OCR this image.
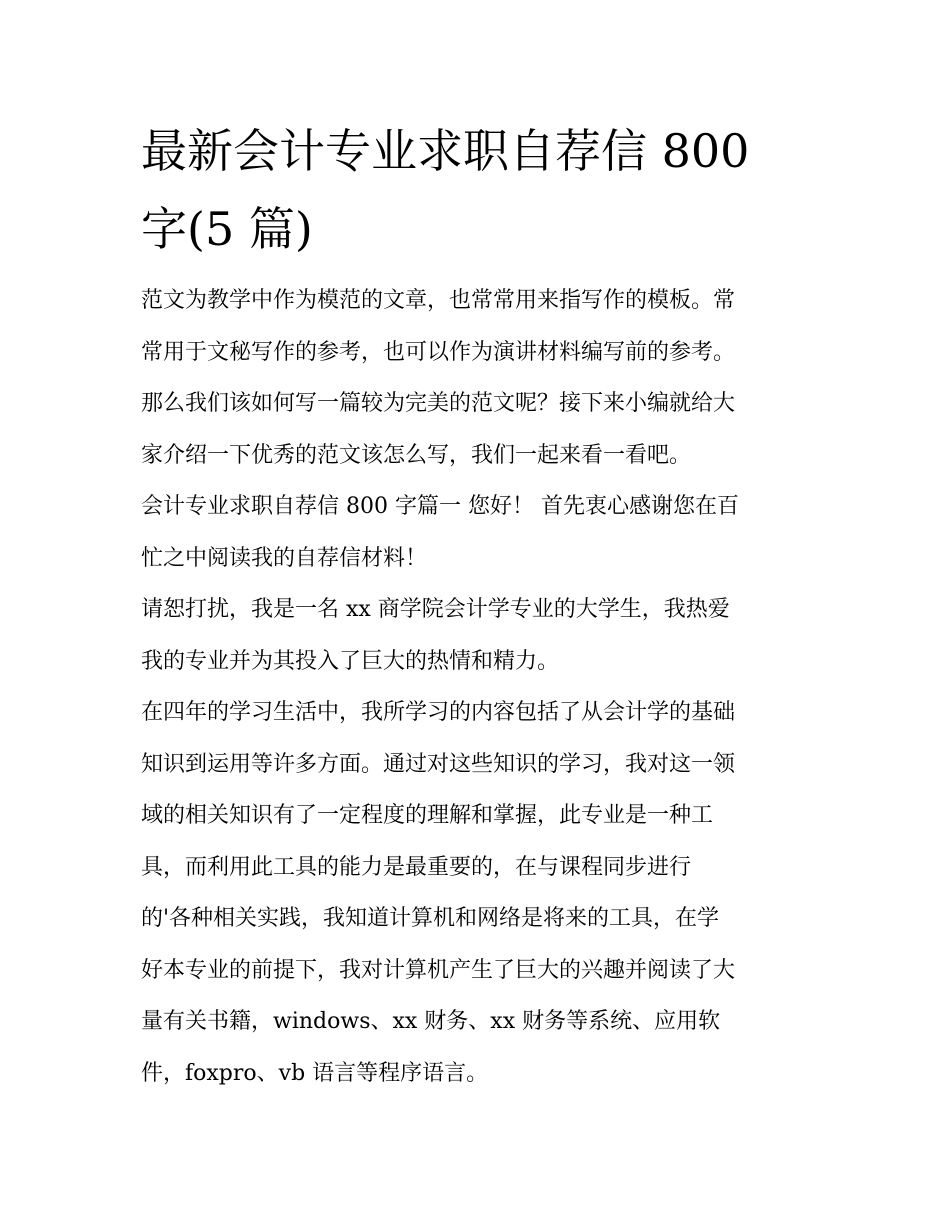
最新会计专业求职自荐信 800
字(5 篇)

范文为教学中作为模范的文章，也常常用来指写作的模板。常
常用于文秘写作的参考，也可以作为演讲材料编写前的参考。
那么我们该如何写一篇较为完美的范文呢？接下来小编就给大
家介绍一下优秀的范文该怎么写，我们一起来看一看吧。

会计专业求职自荐信 800 字篇一 您好！ 首先衷心感谢您在百
忙之中阅读我的自荐信材料！

请恕打扰，我是一名 xx 商学院会计学专业的大学生，我热爱
我的专业并为其投入了巨大的热情和精力。

在四年的学习生活中，我所学习的内容包括了从会计学的基础
知识到运用等许多方面。通过对这些知识的学习，我对这一领
域的相关知识有了一定程度的理解和掌握，此专业是一种工
具，而利用此工具的能力是最重要的，在与课程同步进行
的'各种相关实践，我知道计算机和网络是将来的工具，在学
好本专业的前提下，我对计算机产生了巨大的兴趣并阅读了大
量有关书籍，windows、xx 财务、xx 财务等系统、应用软
件，foxpro、vb 语言等程序语言。
